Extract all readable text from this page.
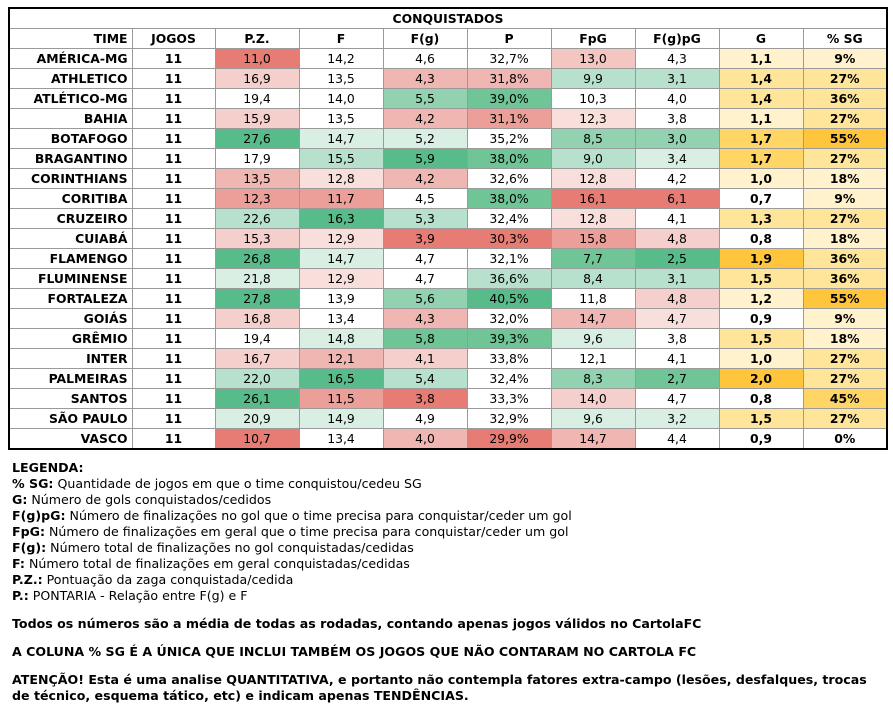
CONQUISTADOS									
TIME	JOGOS	P.Z.	F	F(g)	P	FpG	F(g)pG	G	% SG
AMÉRICA-MG	11	11,0	14,2	4,6	32,7%	13,0	4,3	1,1	9%
ATHLETICO	11	16,9	13,5	4,3	31,8%	9,9	3,1	1,4	27%
ATLÉTICO-MG	11	19,4	14,0	5,5	39,0%	10,3	4,0	1,4	36%
BAHIA	11	15,9	13,5	4,2	31,1%	12,3	3,8	1,1	27%
BOTAFOGO	11	27,6	14,7	5,2	35,2%	8,5	3,0	1,7	55%
BRAGANTINO	11	17,9	15,5	5,9	38,0%	9,0	3,4	1,7	27%
CORINTHIANS	11	13,5	12,8	4,2	32,6%	12,8	4,2	1,0	18%
CORITIBA	11	12,3	11,7	4,5	38,0%	16,1	6,1	0,7	9%
CRUZEIRO	11	22,6	16,3	5,3	32,4%	12,8	4,1	1,3	27%
CUIABÁ	11	15,3	12,9	3,9	30,3%	15,8	4,8	0,8	18%
FLAMENGO	11	26,8	14,7	4,7	32,1%	7,7	2,5	1,9	36%
FLUMINENSE	11	21,8	12,9	4,7	36,6%	8,4	3,1	1,5	36%
FORTALEZA	11	27,8	13,9	5,6	40,5%	11,8	4,8	1,2	55%
GOIÁS	11	16,8	13,4	4,3	32,0%	14,7	4,7	0,9	9%
GRÊMIO	11	19,4	14,8	5,8	39,3%	9,6	3,8	1,5	18%
INTER	11	16,7	12,1	4,1	33,8%	12,1	4,1	1,0	27%
PALMEIRAS	11	22,0	16,5	5,4	32,4%	8,3	2,7	2,0	27%
SANTOS	11	26,1	11,5	3,8	33,3%	14,0	4,7	0,8	45%
SÃO PAULO	11	20,9	14,9	4,9	32,9%	9,6	3,2	1,5	27%
VASCO	11	10,7	13,4	4,0	29,9%	14,7	4,4	0,9	0%
LEGENDA:
% SG: Quantidade de jogos em que o time conquistou/cedeu SG
G: Número de gols conquistados/cedidos
F(g)pG: Número de finalizações no gol que o time precisa para conquistar/ceder um gol
FpG: Número de finalizações em geral que o time precisa para conquistar/ceder um gol
F(g): Número total de finalizações no gol conquistadas/cedidas
F: Número total de finalizações em geral conquistadas/cedidas
P.Z.: Pontuação da zaga conquistada/cedida
P.: PONTARIA - Relação entre F(g) e F
Todos os números são a média de todas as rodadas, contando apenas jogos válidos no CartolaFC
A COLUNA % SG É A ÚNICA QUE INCLUI TAMBÉM OS JOGOS QUE NÃO CONTARAM NO CARTOLA FC
ATENÇÃO! Esta é uma analise QUANTITATIVA, e portanto não contempla fatores extra-campo (lesões, desfalques, trocas de técnico, esquema tático, etc) e indicam apenas TENDÊNCIAS.
